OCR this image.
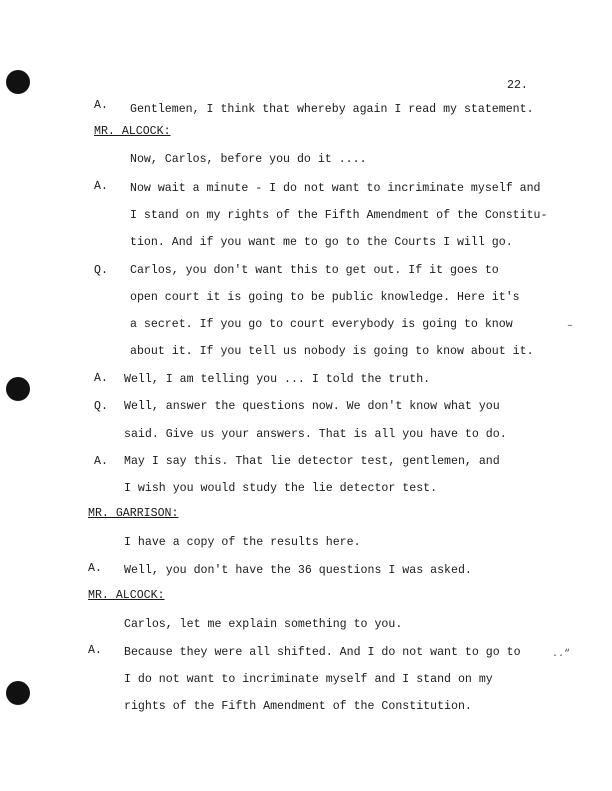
22.
A. Gentlemen, I think that whereby again I read my statement.
MR. ALCOCK:
Now, Carlos, before you do it ....
A. Now wait a minute - I do not want to incriminate myself and
I stand on my rights of the Fifth Amendment of the Constitu-
tion. And if you want me to go to the Courts I will go.
Q. Carlos, you don't want this to get out. If it goes to
open court it is going to be public knowledge. Here it's
a secret. If you go to court everybody is going to know
about it. If you tell us nobody is going to know about it.
A. Well, I am telling you ... I told the truth.
Q. Well, answer the questions now. We don't know what you
said. Give us your answers. That is all you have to do.
A. May I say this. That lie detector test, gentlemen, and
I wish you would study the lie detector test.
MR. GARRISON:
I have a copy of the results here.
A. Well, you don't have the 36 questions I was asked.
MR. ALCOCK:
Carlos, let me explain something to you.
A. Because they were all shifted. And I do not want to go to
I do not want to incriminate myself and I stand on my
rights of the Fifth Amendment of the Constitution.
..“
–
